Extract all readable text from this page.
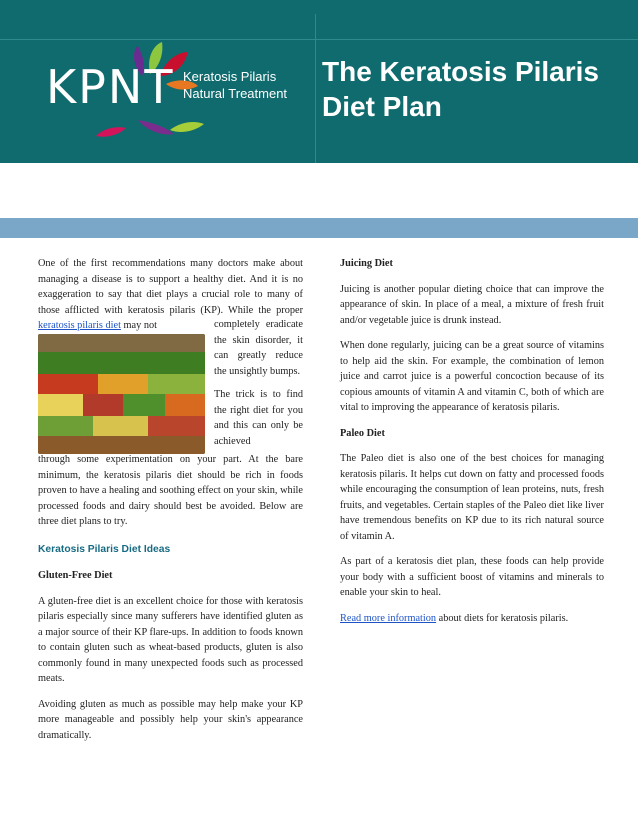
KPNT Keratosis Pilaris
Natural Treatment
The Keratosis Pilaris Diet Plan

One of the first recommendations many doctors make about managing a disease is to support a healthy diet. And it is no exaggeration to say that diet plays a crucial role to many of those afflicted with keratosis pilaris (KP). While the proper keratosis pilaris diet may not	completely eradicate the skin disorder, it can greatly reduce the unsightly bumps.

The trick is to find the right diet for you and this can only be achieved

through some experimentation on your part. At the bare minimum, the keratosis pilaris diet should be rich in foods proven to have a healing and soothing effect on your skin, while processed foods and dairy should best be avoided. Below are three diet plans to try.

Keratosis Pilaris Diet Ideas

Gluten-Free Diet

A gluten-free diet is an excellent choice for those with keratosis pilaris especially since many sufferers have identified gluten as a major source of their KP flare-ups. In addition to foods known to contain gluten such as wheat-based products, gluten is also commonly found in many unexpected foods such as processed meats.

Avoiding gluten as much as possible may help make your KP more manageable and possibly help your skin's appearance dramatically.

Juicing Diet

Juicing is another popular dieting choice that can improve the appearance of skin. In place of a meal, a mixture of fresh fruit and/or vegetable juice is drunk instead.

When done regularly, juicing can be a great source of vitamins to help aid the skin. For example, the combination of lemon juice and carrot juice is a powerful concoction because of its copious amounts of vitamin A and vitamin C, both of which are vital to improving the appearance of keratosis pilaris.

Paleo Diet

The Paleo diet is also one of the best choices for managing keratosis pilaris. It helps cut down on fatty and processed foods while encouraging the consumption of lean proteins, nuts, fresh fruits, and vegetables. Certain staples of the Paleo diet like liver have tremendous benefits on KP due to its rich natural source of vitamin A.

As part of a keratosis diet plan, these foods can help provide your body with a sufficient boost of vitamins and minerals to enable your skin to heal.

Read more information about diets for keratosis pilaris.
